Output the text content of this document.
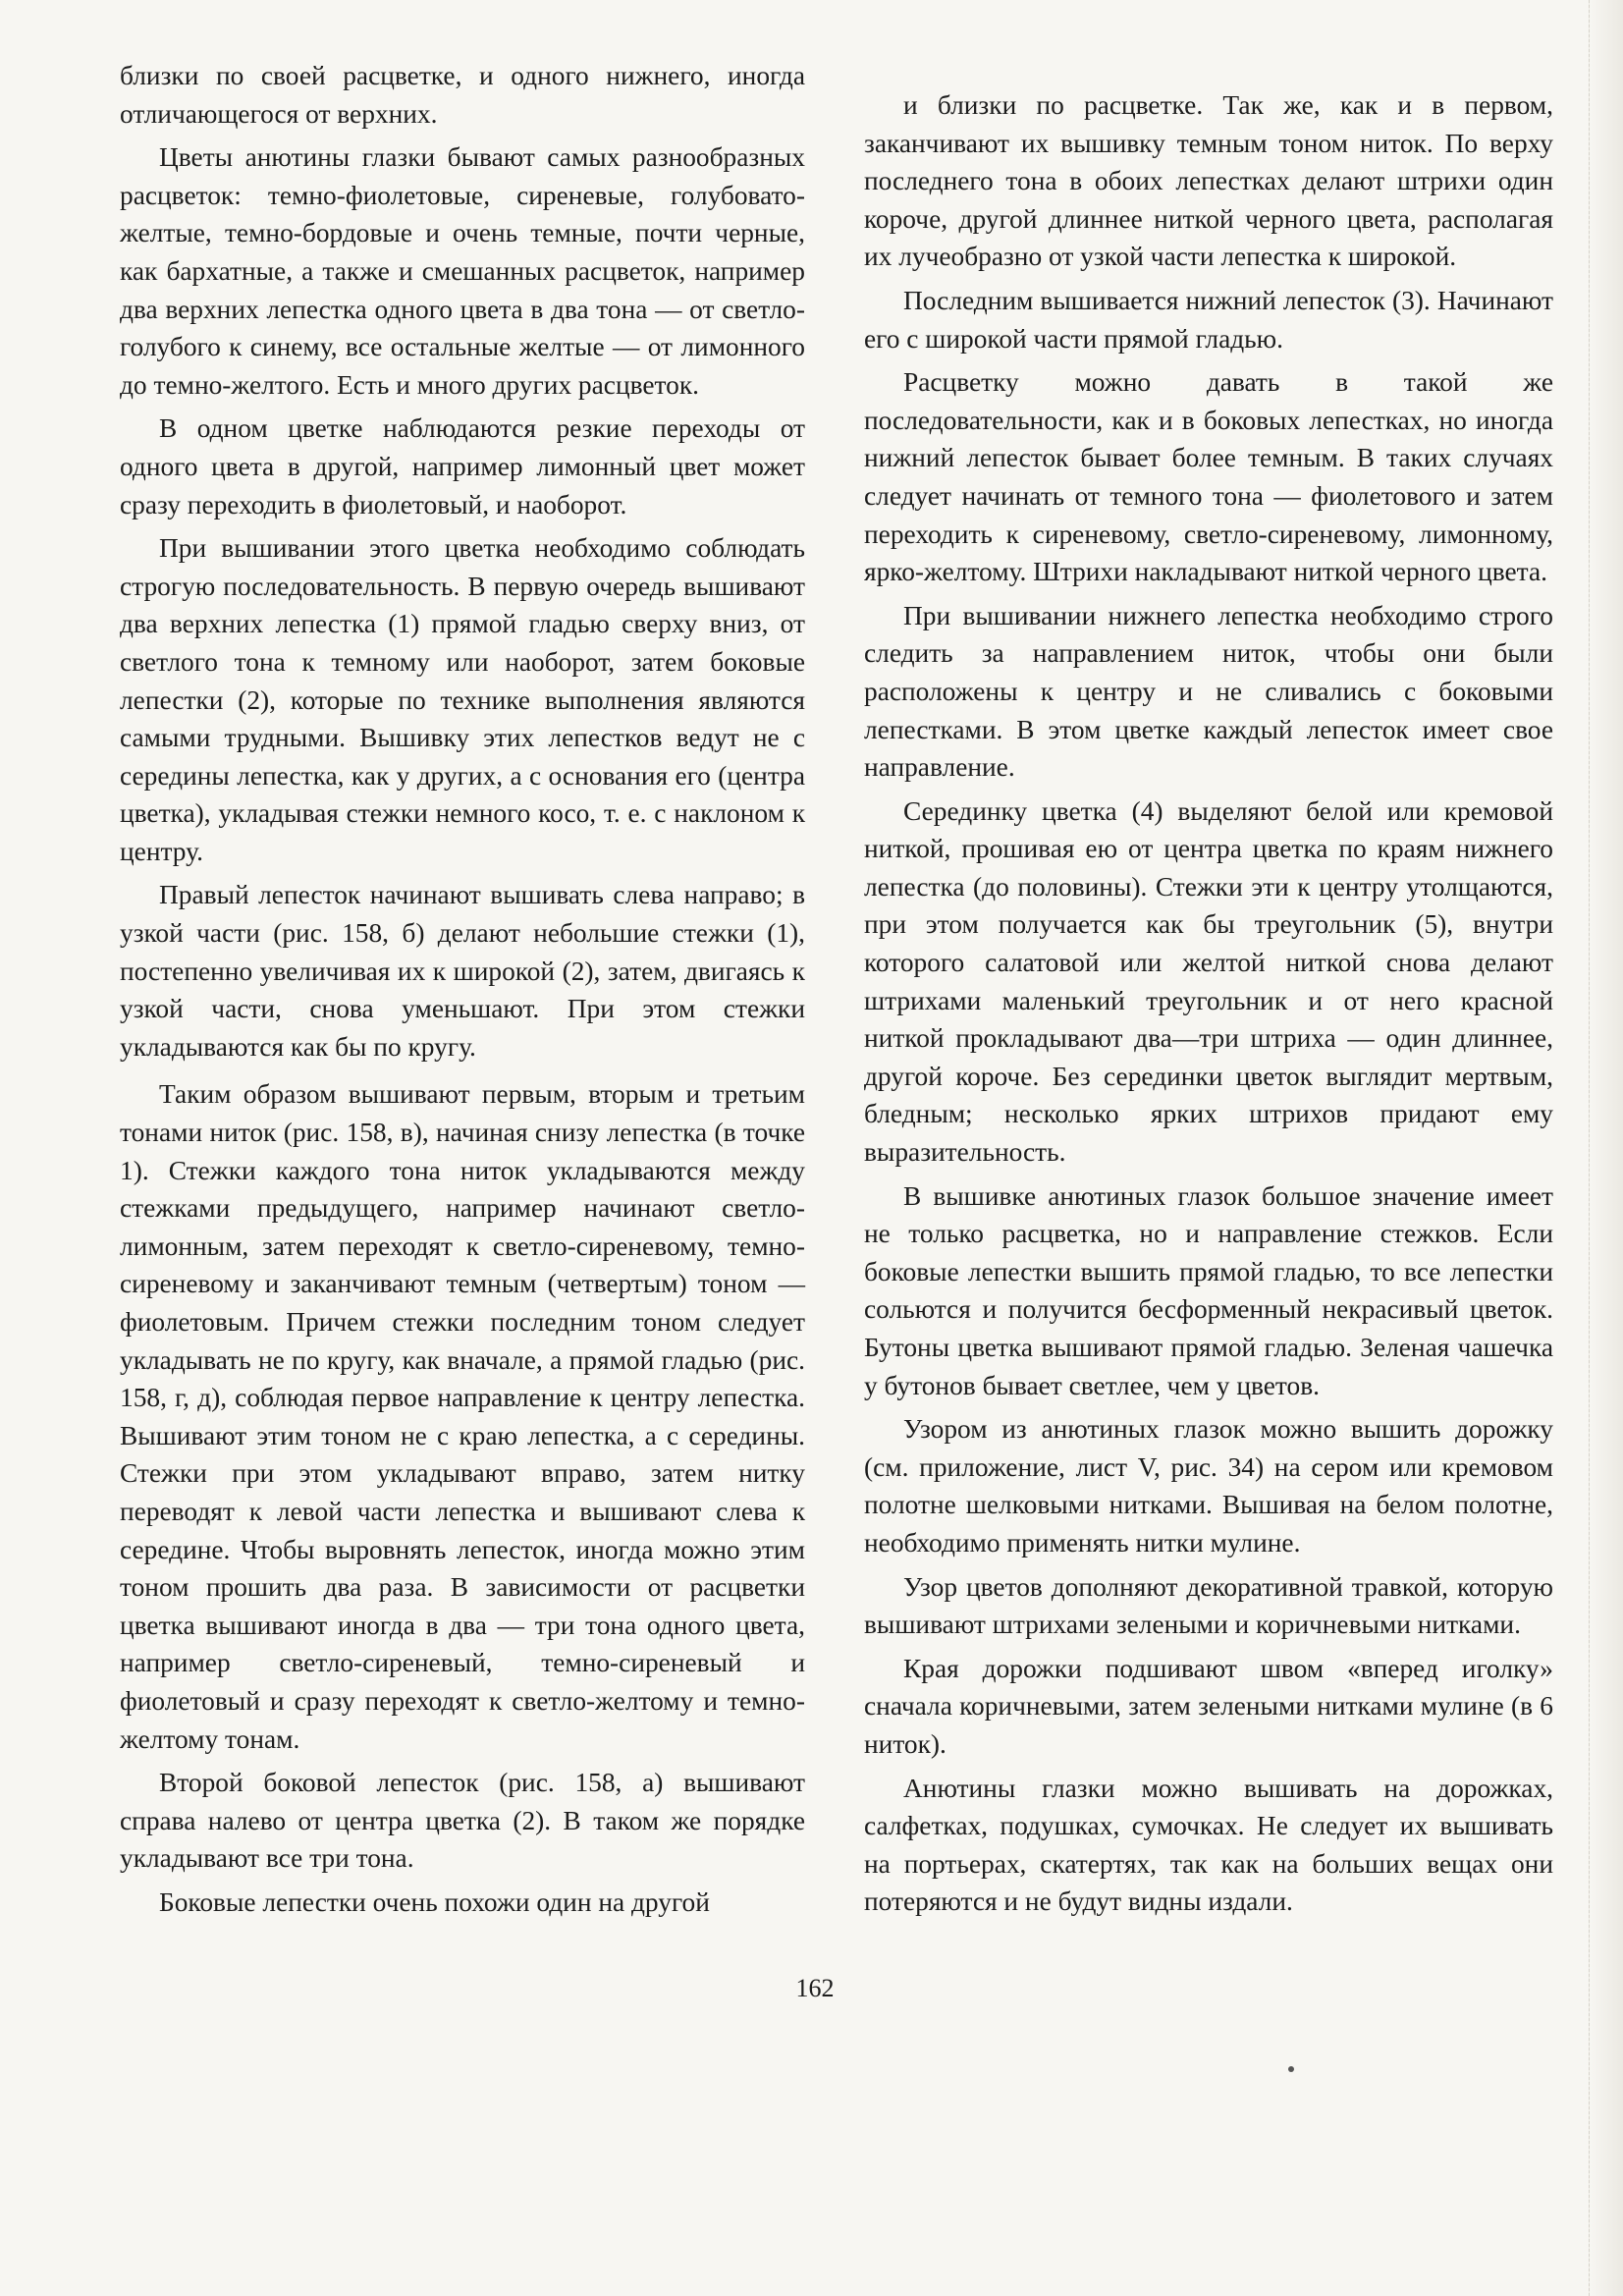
близки по своей расцветке, и одного нижнего, иногда отличающегося от верхних.

Цветы анютины глазки бывают самых разнообразных расцветок: темно-фиолетовые, сиреневые, голубовато-желтые, темно-бордовые и очень темные, почти черные, как бархатные, а также и смешанных расцветок, например два верхних лепестка одного цвета в два тона — от светло-голубого к синему, все остальные желтые — от лимонного до темно-желтого. Есть и много других расцветок.

В одном цветке наблюдаются резкие переходы от одного цвета в другой, например лимонный цвет может сразу переходить в фиолетовый, и наоборот.

При вышивании этого цветка необходимо соблюдать строгую последовательность. В первую очередь вышивают два верхних лепестка (1) прямой гладью сверху вниз, от светлого тона к темному или наоборот, затем боковые лепестки (2), которые по технике выполнения являются самыми трудными. Вышивку этих лепестков ведут не с середины лепестка, как у других, а с основания его (центра цветка), укладывая стежки немного косо, т. е. с наклоном к центру.

Правый лепесток начинают вышивать слева направо; в узкой части (рис. 158, б) делают небольшие стежки (1), постепенно увеличивая их к широкой (2), затем, двигаясь к узкой части, снова уменьшают. При этом стежки укладываются как бы по кругу.

Таким образом вышивают первым, вторым и третьим тонами ниток (рис. 158, в), начиная снизу лепестка (в точке 1). Стежки каждого тона ниток укладываются между стежками предыдущего, например начинают светло-лимонным, затем переходят к светло-сиреневому, темно-сиреневому и заканчивают темным (четвертым) тоном — фиолетовым. Причем стежки последним тоном следует укладывать не по кругу, как вначале, а прямой гладью (рис. 158, г, д), соблюдая первое направление к центру лепестка. Вышивают этим тоном не с краю лепестка, а с середины. Стежки при этом укладывают вправо, затем нитку переводят к левой части лепестка и вышивают слева к середине. Чтобы выровнять лепесток, иногда можно этим тоном прошить два раза. В зависимости от расцветки цветка вышивают иногда в два — три тона одного цвета, например светло-сиреневый, темно-сиреневый и фиолетовый и сразу переходят к светло-желтому и темно-желтому тонам.

Второй боковой лепесток (рис. 158, а) вышивают справа налево от центра цветка (2). В таком же порядке укладывают все три тона.

Боковые лепестки очень похожи один на другой

и близки по расцветке. Так же, как и в первом, заканчивают их вышивку темным тоном ниток. По верху последнего тона в обоих лепестках делают штрихи один короче, другой длиннее ниткой черного цвета, располагая их лучеобразно от узкой части лепестка к широкой.

Последним вышивается нижний лепесток (3). Начинают его с широкой части прямой гладью.

Расцветку можно давать в такой же последовательности, как и в боковых лепестках, но иногда нижний лепесток бывает более темным. В таких случаях следует начинать от темного тона — фиолетового и затем переходить к сиреневому, светло-сиреневому, лимонному, ярко-желтому. Штрихи накладывают ниткой черного цвета.

При вышивании нижнего лепестка необходимо строго следить за направлением ниток, чтобы они были расположены к центру и не сливались с боковыми лепестками. В этом цветке каждый лепесток имеет свое направление.

Серединку цветка (4) выделяют белой или кремовой ниткой, прошивая ею от центра цветка по краям нижнего лепестка (до половины). Стежки эти к центру утолщаются, при этом получается как бы треугольник (5), внутри которого салатовой или желтой ниткой снова делают штрихами маленький треугольник и от него красной ниткой прокладывают два—три штриха — один длиннее, другой короче. Без серединки цветок выглядит мертвым, бледным; несколько ярких штрихов придают ему выразительность.

В вышивке анютиных глазок большое значение имеет не только расцветка, но и направление стежков. Если боковые лепестки вышить прямой гладью, то все лепестки сольются и получится бесформенный некрасивый цветок. Бутоны цветка вышивают прямой гладью. Зеленая чашечка у бутонов бывает светлее, чем у цветов.

Узором из анютиных глазок можно вышить дорожку (см. приложение, лист V, рис. 34) на сером или кремовом полотне шелковыми нитками. Вышивая на белом полотне, необходимо применять нитки мулине.

Узор цветов дополняют декоративной травкой, которую вышивают штрихами зелеными и коричневыми нитками.

Края дорожки подшивают швом «вперед иголку» сначала коричневыми, затем зелеными нитками мулине (в 6 ниток).

Анютины глазки можно вышивать на дорожках, салфетках, подушках, сумочках. Не следует их вышивать на портьерах, скатертях, так как на больших вещах они потеряются и не будут видны издали.

162
